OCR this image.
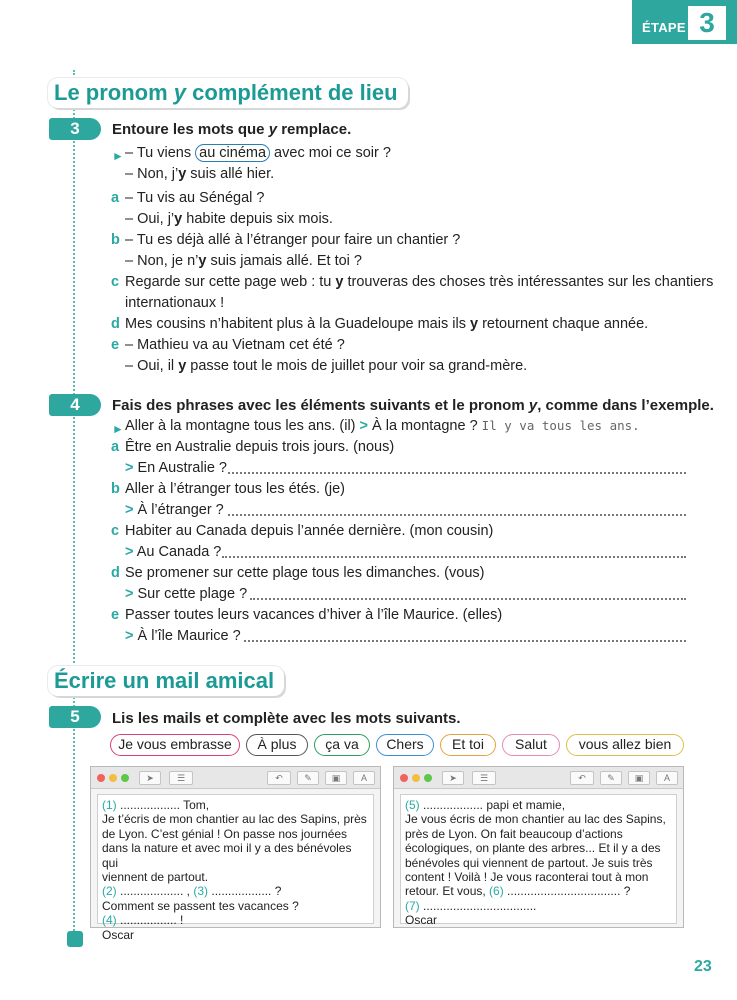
ÉTAPE 3
Le pronom y complément de lieu
3	Entoure les mots que y remplace.
► – Tu viens au cinéma avec moi ce soir ?
– Non, j’y suis allé hier.
a – Tu vis au Sénégal ?
– Oui, j’y habite depuis six mois.
b – Tu es déjà allé à l’étranger pour faire un chantier ?
– Non, je n’y suis jamais allé. Et toi ?
c Regarde sur cette page web : tu y trouveras des choses très intéressantes sur les chantiers
internationaux !
d Mes cousins n’habitent plus à la Guadeloupe mais ils y retournent chaque année.
e – Mathieu va au Vietnam cet été ?
– Oui, il y passe tout le mois de juillet pour voir sa grand-mère.
4	Fais des phrases avec les éléments suivants et le pronom y, comme dans l’exemple.
► Aller à la montagne tous les ans. (il) > À la montagne ? Il y va tous les ans.
a Être en Australie depuis trois jours. (nous)
> En Australie ?
b Aller à l’étranger tous les étés. (je)
> À l’étranger ?
c Habiter au Canada depuis l’année dernière. (mon cousin)
> Au Canada ?
d Se promener sur cette plage tous les dimanches. (vous)
> Sur cette plage ?
e Passer toutes leurs vacances d’hiver à l’île Maurice. (elles)
> À l’île Maurice ?
Écrire un mail amical
5	Lis les mails et complète avec les mots suivants.
Je vous embrasse	À plus	ça va	Chers	Et toi	Salut	vous allez bien
➤	☰	↶	✎	▣	A
(1) .................. Tom,
Je t’écris de mon chantier au lac des Sapins, près
de Lyon. C’est génial ! On passe nos journées
dans la nature et avec moi il y a des bénévoles qui
viennent de partout.
(2) ................... , (3) .................. ?
Comment se passent tes vacances ?
(4) ................. !
Oscar
➤	☰	↶	✎	▣	A
(5) .................. papi et mamie,
Je vous écris de mon chantier au lac des Sapins,
près de Lyon. On fait beaucoup d’actions
écologiques, on plante des arbres... Et il y a des
bénévoles qui viennent de partout. Je suis très
content ! Voilà ! Je vous raconterai tout à mon
retour. Et vous, (6) .................................. ?
(7) ..................................
Oscar
23
